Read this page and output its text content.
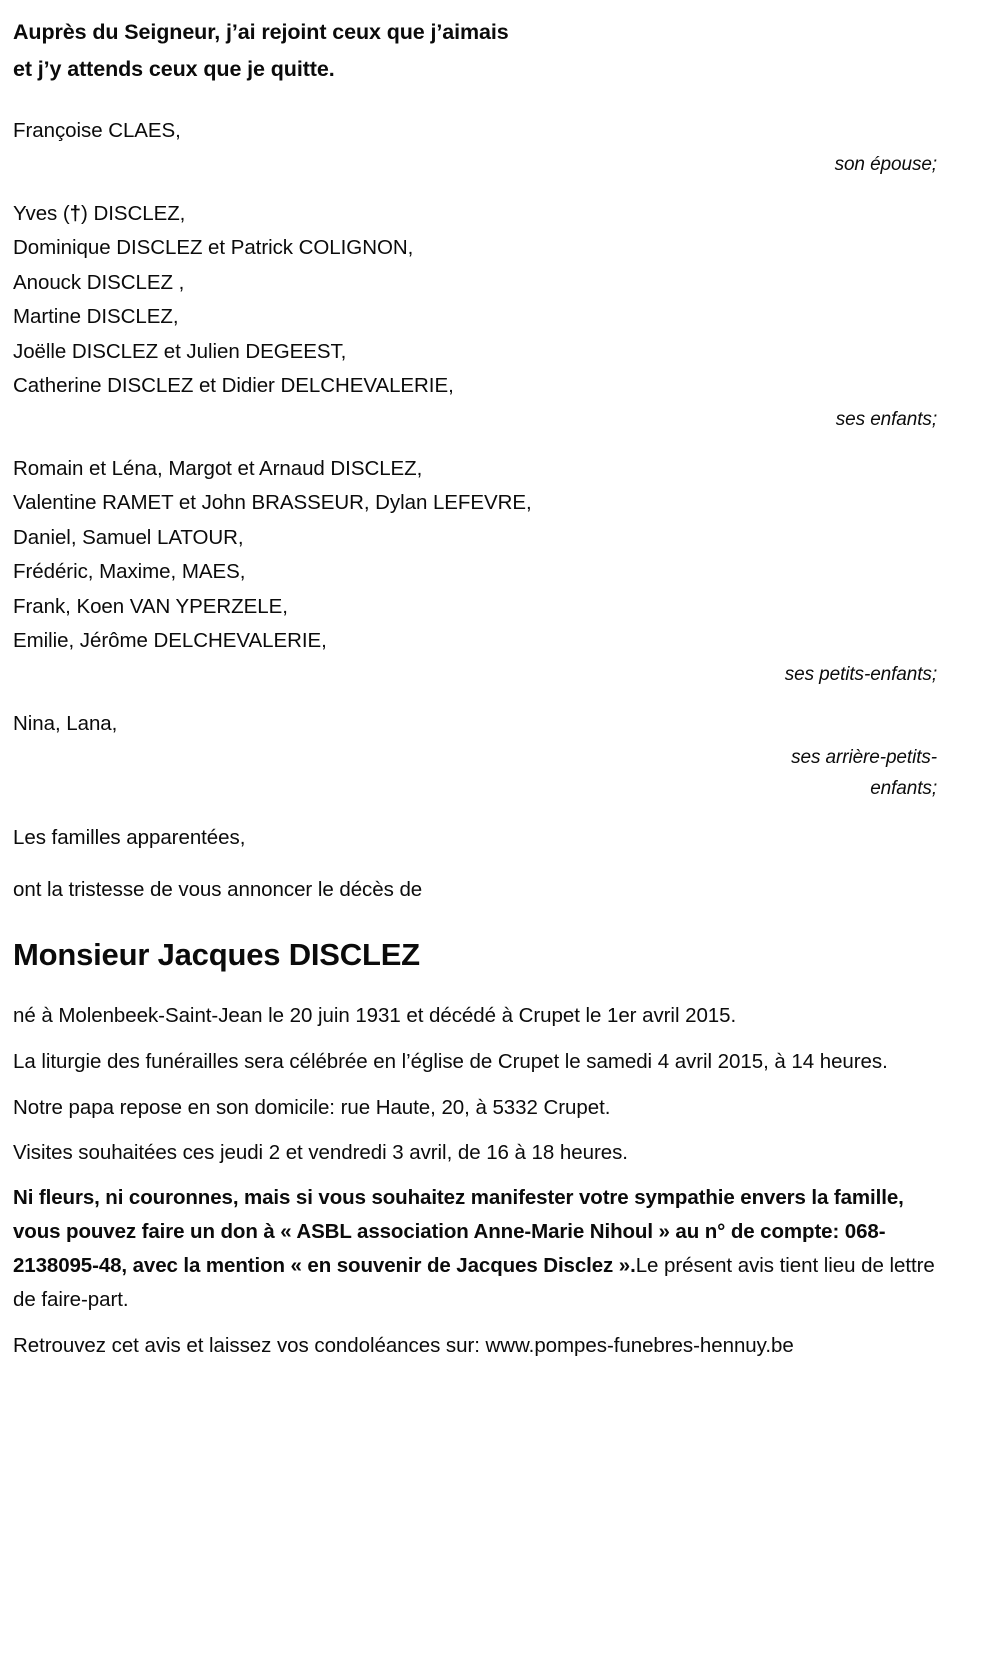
Auprès du Seigneur, j’ai rejoint ceux que j’aimais
et j’y attends ceux que je quitte.
Françoise CLAES,
son épouse;
Yves (†) DISCLEZ,
Dominique DISCLEZ et Patrick COLIGNON,
Anouck DISCLEZ ,
Martine DISCLEZ,
Joëlle DISCLEZ et Julien DEGEEST,
Catherine DISCLEZ et Didier DELCHEVALERIE,
ses enfants;
Romain et Léna, Margot et Arnaud DISCLEZ,
Valentine RAMET et John BRASSEUR, Dylan LEFEVRE,
Daniel, Samuel LATOUR,
Frédéric, Maxime, MAES,
Frank, Koen VAN YPERZELE,
Emilie, Jérôme DELCHEVALERIE,
ses petits-enfants;
Nina, Lana,
ses arrière-petits-
enfants;
Les familles apparentées,
ont la tristesse de vous annoncer le décès de
Monsieur Jacques DISCLEZ
né à Molenbeek-Saint-Jean le 20 juin 1931 et décédé à Crupet le 1er avril 2015.
La liturgie des funérailles sera célébrée en l’église de Crupet le samedi 4 avril 2015, à 14 heures.
Notre papa repose en son domicile: rue Haute, 20, à 5332 Crupet.
Visites souhaitées ces jeudi 2 et vendredi 3 avril, de 16 à 18 heures.
Ni fleurs, ni couronnes, mais si vous souhaitez manifester votre sympathie envers la famille, vous pouvez faire un don à « ASBL association Anne-Marie Nihoul » au n° de compte: 068-2138095-48, avec la mention « en souvenir de Jacques Disclez ».Le présent avis tient lieu de lettre de faire-part.
Retrouvez cet avis et laissez vos condoléances sur: www.pompes-funebres-hennuy.be
